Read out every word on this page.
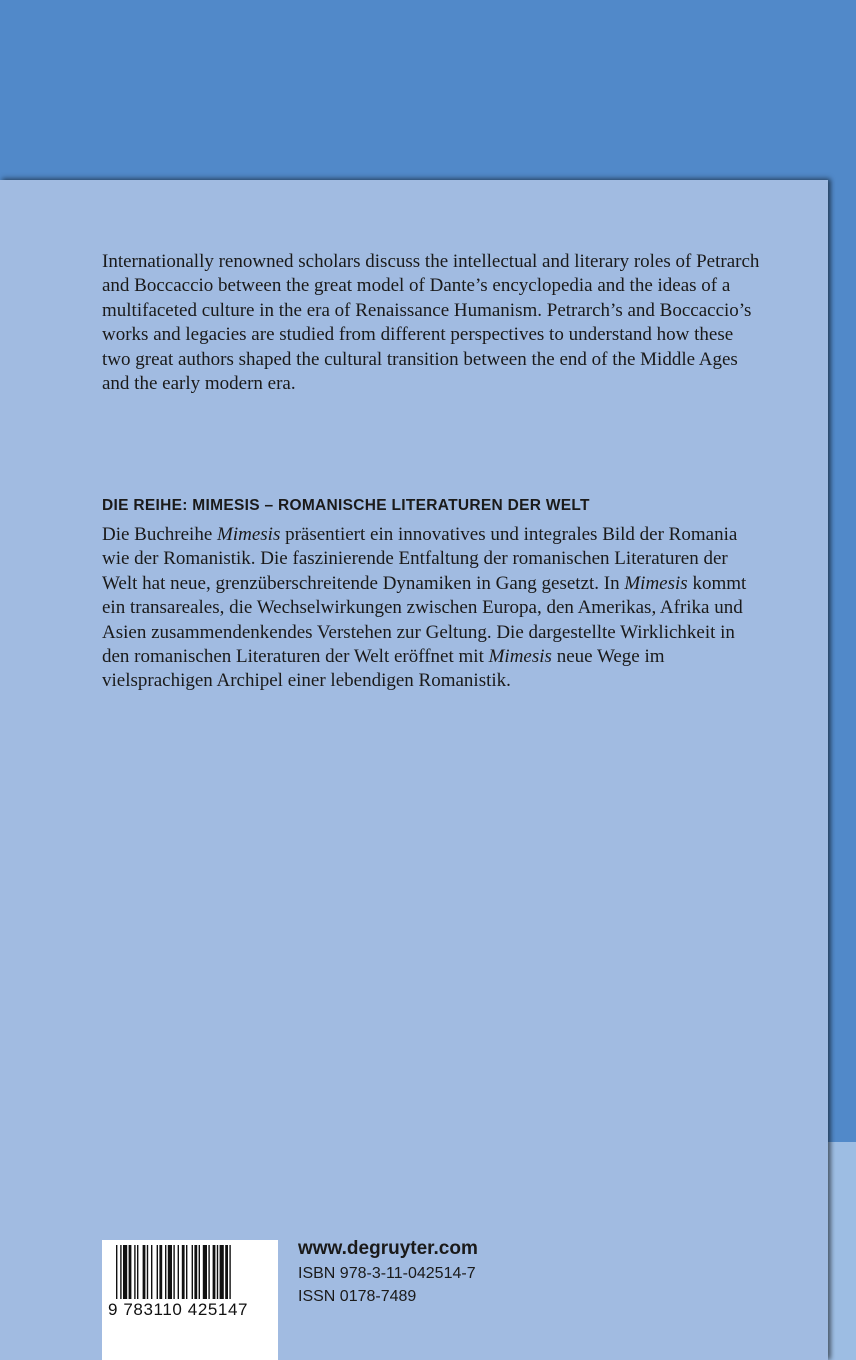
Internationally renowned scholars discuss the intellectual and literary roles of Petrarch and Boccaccio between the great model of Dante’s encyclopedia and the ideas of a multifaceted culture in the era of Renaissance Humanism. Petrarch’s and Boccaccio’s works and legacies are studied from different perspectives to understand how these two great authors shaped the cultural transition between the end of the Middle Ages and the early modern era.

DIE REIHE: MIMESIS – ROMANISCHE LITERATUREN DER WELT

Die Buchreihe Mimesis präsentiert ein innovatives und integrales Bild der Romania wie der Romanistik. Die faszinierende Entfaltung der romanischen Literaturen der Welt hat neue, grenzüberschreitende Dynamiken in Gang gesetzt. In Mimesis kommt ein transareales, die Wechselwirkungen zwischen Europa, den Amerikas, Afrika und Asien zusammendenkendes Verstehen zur Geltung. Die dargestellte Wirklichkeit in den romanischen Literaturen der Welt eröffnet mit Mimesis neue Wege im vielsprachigen Archipel einer lebendigen Romanistik.

9 783110 425147
www.degruyter.com
ISBN 978-3-11-042514-7
ISSN 0178-7489
